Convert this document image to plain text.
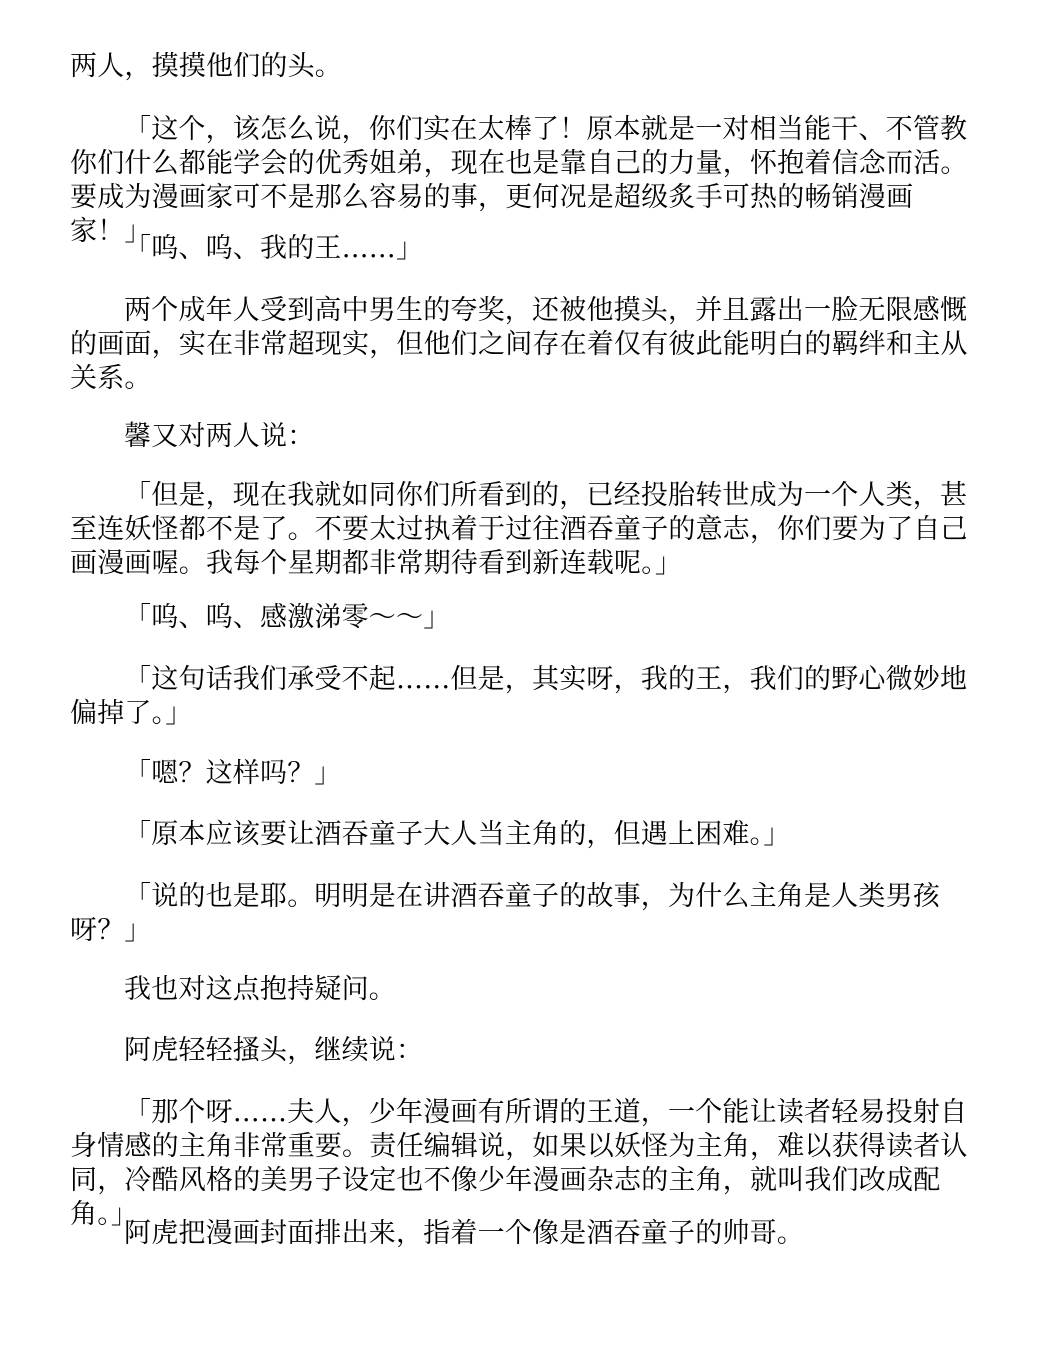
两人，摸摸他们的头。

「这个，该怎么说，你们实在太棒了！原本就是一对相当能干、不管教你们什么都能学会的优秀姐弟，现在也是靠自己的力量，怀抱着信念而活。要成为漫画家可不是那么容易的事，更何况是超级炙手可热的畅销漫画家！」

「呜、呜、我的王……」

两个成年人受到高中男生的夸奖，还被他摸头，并且露出一脸无限感慨的画面，实在非常超现实，但他们之间存在着仅有彼此能明白的羁绊和主从关系。

馨又对两人说：

「但是，现在我就如同你们所看到的，已经投胎转世成为一个人类，甚至连妖怪都不是了。不要太过执着于过往酒吞童子的意志，你们要为了自己画漫画喔。我每个星期都非常期待看到新连载呢。」

「呜、呜、感激涕零～～」

「这句话我们承受不起……但是，其实呀，我的王，我们的野心微妙地偏掉了。」

「嗯？这样吗？」

「原本应该要让酒吞童子大人当主角的，但遇上困难。」

「说的也是耶。明明是在讲酒吞童子的故事，为什么主角是人类男孩呀？」

我也对这点抱持疑问。

阿虎轻轻搔头，继续说：

「那个呀……夫人，少年漫画有所谓的王道，一个能让读者轻易投射自身情感的主角非常重要。责任编辑说，如果以妖怪为主角，难以获得读者认同，冷酷风格的美男子设定也不像少年漫画杂志的主角，就叫我们改成配角。」

阿虎把漫画封面排出来，指着一个像是酒吞童子的帅哥。
